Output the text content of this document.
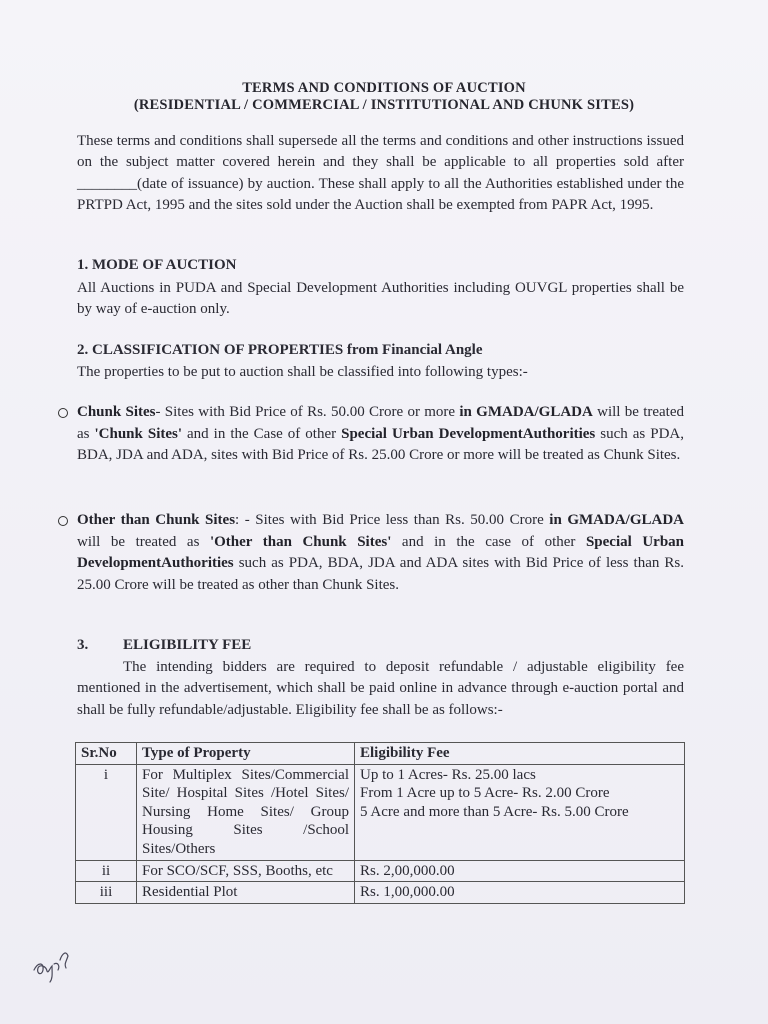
TERMS AND CONDITIONS OF AUCTION
(RESIDENTIAL / COMMERCIAL / INSTITUTIONAL AND CHUNK SITES)
These terms and conditions shall supersede all the terms and conditions and other instructions issued on the subject matter covered herein and they shall be applicable to all properties sold after ________(date of issuance) by auction. These shall apply to all the Authorities established under the PRTPD Act, 1995 and the sites sold under the Auction shall be exempted from PAPR Act, 1995.
1. MODE OF AUCTION
All Auctions in PUDA and Special Development Authorities including OUVGL properties shall be by way of e-auction only.
2. CLASSIFICATION OF PROPERTIES from Financial Angle
The properties to be put to auction shall be classified into following types:-
Chunk Sites- Sites with Bid Price of Rs. 50.00 Crore or more in GMADA/GLADA will be treated as 'Chunk Sites' and in the Case of other Special Urban DevelopmentAuthorities such as PDA, BDA, JDA and ADA, sites with Bid Price of Rs. 25.00 Crore or more will be treated as Chunk Sites.
Other than Chunk Sites: - Sites with Bid Price less than Rs. 50.00 Crore in GMADA/GLADA will be treated as 'Other than Chunk Sites' and in the case of other Special Urban DevelopmentAuthorities such as PDA, BDA, JDA and ADA sites with Bid Price of less than Rs. 25.00 Crore will be treated as other than Chunk Sites.
3. ELIGIBILITY FEE
The intending bidders are required to deposit refundable / adjustable eligibility fee mentioned in the advertisement, which shall be paid online in advance through e-auction portal and shall be fully refundable/adjustable. Eligibility fee shall be as follows:-
Sr.No	Type of Property	Eligibility Fee
i	For Multiplex Sites/Commercial Site/ Hospital Sites /Hotel Sites/ Nursing Home Sites/ Group Housing Sites /School Sites/Others	Up to 1 Acres- Rs. 25.00 lacs
From 1 Acre up to 5 Acre- Rs. 2.00 Crore
5 Acre and more than 5 Acre- Rs. 5.00 Crore
ii	For SCO/SCF, SSS, Booths, etc	Rs. 2,00,000.00
iii	Residential Plot	Rs. 1,00,000.00
